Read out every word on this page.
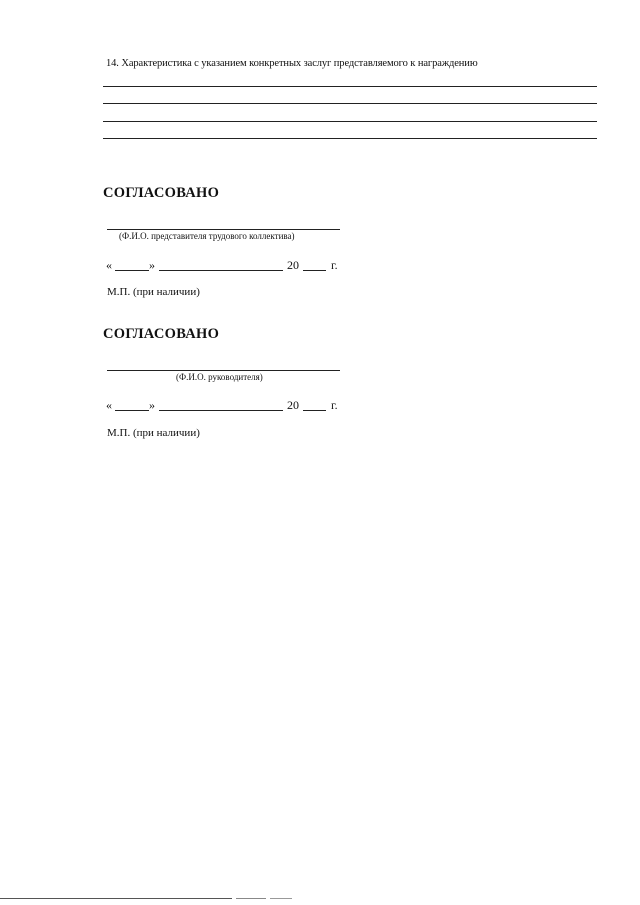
14. Характеристика с указанием конкретных заслуг представляемого к награждению
СОГЛАСОВАНО
(Ф.И.О. представителя трудового коллектива)
«	»	20	г.
М.П. (при наличии)
СОГЛАСОВАНО
(Ф.И.О. руководителя)
«	»	20	г.
М.П. (при наличии)
